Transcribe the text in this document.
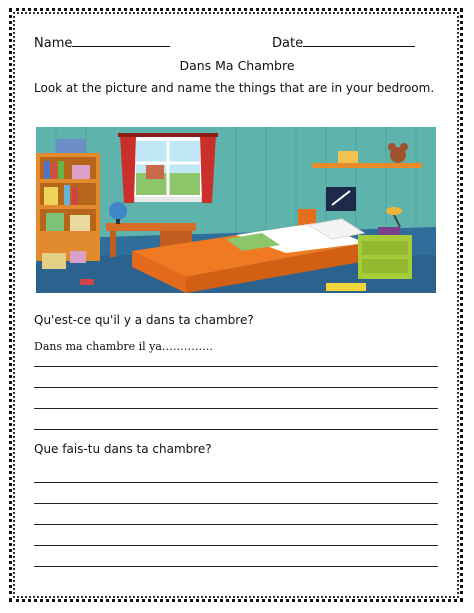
Name	Date
Dans Ma Chambre
Look at the picture and name the things that are in your bedroom.
Qu'est-ce qu'il y a dans ta chambre?
Dans ma chambre il ya…………..
Que fais-tu dans ta chambre?
